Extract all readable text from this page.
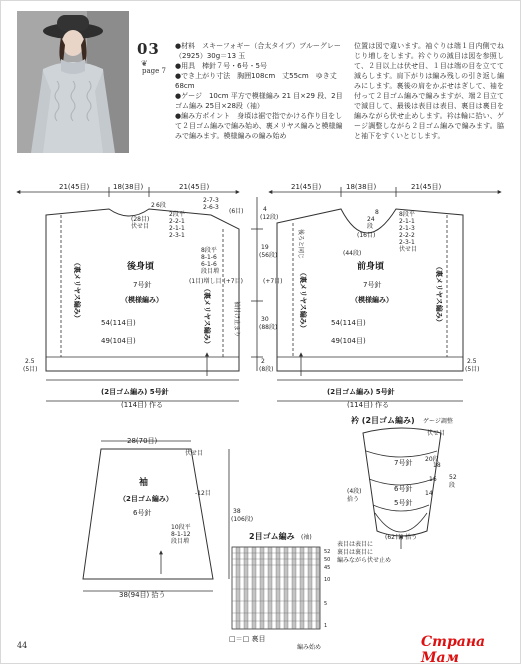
03
❦
page 7

●材料　スキーフォギー（合太タイプ）ブルーグレー（2925）30g＝13 玉

●用具　棒針７号・6号・5号

●でき上がり寸法　胸囲108cm　丈55cm　ゆき丈68cm

●ゲージ　10cm 平方で模様編み 21 目×29 段、2目ゴム編み 25目×28段（袖）

●編み方ポイント　身頃は裾で指でかける作り目をして２目ゴム編みで編み始め、裏メリヤス編みと模様編みで編みます。模様編みの編み始め

位置は図で違います。袖ぐりは端１目内側でねじり増しをします。衿ぐりの減目は図を参照して、２目以上は伏せ目、１目は端の目を立てて減らします。肩下がりは編み残しの引き返し編みにします。裏後の肩をかぶせはぎして、袖を付って２目ゴム編みで編みますが、端２目立てで減目して、最後は表目は表目、裏目は裏目を編みながら伏せ止めします。衿は輪に拾い、ゲージ調整しながら２目ゴム編みで編みます。脇と袖下をすくいとじします。
21(45目)	18(38目)	21(45目)
2 6段
2-7-3
2-6-3
(6目)
(28目)
伏せ目
2段平
2-2-1
2-1-1
2-3-1
8段平
8-1-6
6-1-6
段目増
(1目)増し目 (+7目)
後身頃
7号針
（模様編み）
54(114目)
49(104目)
2.5
(5目)
(2目ゴム編み) 5号針
(114目) 作る
4
(12段)
19
(56段)
30
(88段)
2
(8段)
（裏メリヤス編み）	（裏メリヤス編み）	袖付け止まり
21(45目)	18(38目)	21(45目)
8
24
段
(16目)
(44段)
8段平
2-1-1
2-1-3
2-2-2
2-3-1
伏せ目
(+7目)
前身頃
7号針
（模様編み）
54(114目)
49(104目)
2.5
(5目)
(2目ゴム編み) 5号針
(114目) 作る
後ろと同じ
（裏メリヤス編み）	（裏メリヤス編み）
28(70目)
伏せ目
袖
（2目ゴム編み）
6号針
-12目
38
(106段)
10段平
8-1-12
段目増
38(94目) 拾う
衿 (2目ゴム編み) ゲージ調整
伏せ目
7号針
6号針
5号針
20段
18
16
14
52
段
(4段)
拾う
(62目) 拾う
2目ゴム編み (袖)
52
50
45
10
5
1
表目は表目に
裏目は裏目に
編みながら伏せ止め
□＝□ 裏目
編み始め
44	Страна Мам
